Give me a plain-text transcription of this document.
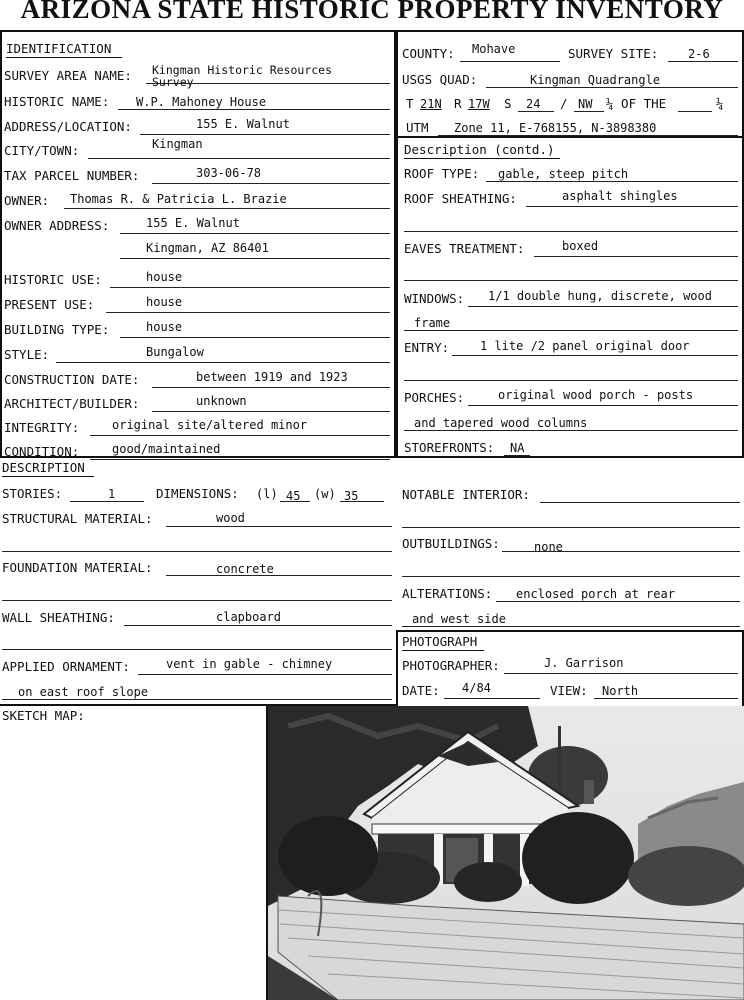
ARIZONA STATE HISTORIC PROPERTY INVENTORY
IDENTIFICATION
SURVEY AREA NAME: Kingman Historic Resources Survey
HISTORIC NAME: W.P. Mahoney House
ADDRESS/LOCATION:	155 E. Walnut
CITY/TOWN:	Kingman
TAX PARCEL NUMBER:	303-06-78
OWNER: Thomas R. & Patricia L. Brazie
OWNER ADDRESS:	155 E. Walnut
Kingman, AZ 86401
HISTORIC USE:	house
PRESENT USE:	house
BUILDING TYPE:	house
STYLE:	Bungalow
CONSTRUCTION DATE:	between 1919 and 1923
ARCHITECT/BUILDER:	unknown
INTEGRITY:	original site/altered minor
CONDITION:	good/maintained
COUNTY: Mohave	SURVEY SITE: 2-6
USGS QUAD:	Kingman Quadrangle
T 21N R 17W S 24 / NW ¼ OF THE	¼
UTM Zone 11, E-768155, N-3898380
Description (contd.)
ROOF TYPE: gable, steep pitch
ROOF SHEATHING:	asphalt shingles
EAVES TREATMENT:	boxed
WINDOWS: 1/1 double hung, discrete, wood
frame
ENTRY:	1 lite /2 panel original door
PORCHES:	original wood porch - posts
and tapered wood columns
STOREFRONTS: NA
DESCRIPTION
STORIES:	1	DIMENSIONS: (l) 45 (w) 35
STRUCTURAL MATERIAL:	wood
FOUNDATION MATERIAL:	concrete
WALL SHEATHING:	clapboard
APPLIED ORNAMENT:	vent in gable - chimney
on east roof slope
NOTABLE INTERIOR:
OUTBUILDINGS:	none
ALTERATIONS: enclosed porch at rear
and west side
PHOTOGRAPH
PHOTOGRAPHER:	J. Garrison
DATE: 4/84	VIEW: North
SKETCH MAP:
